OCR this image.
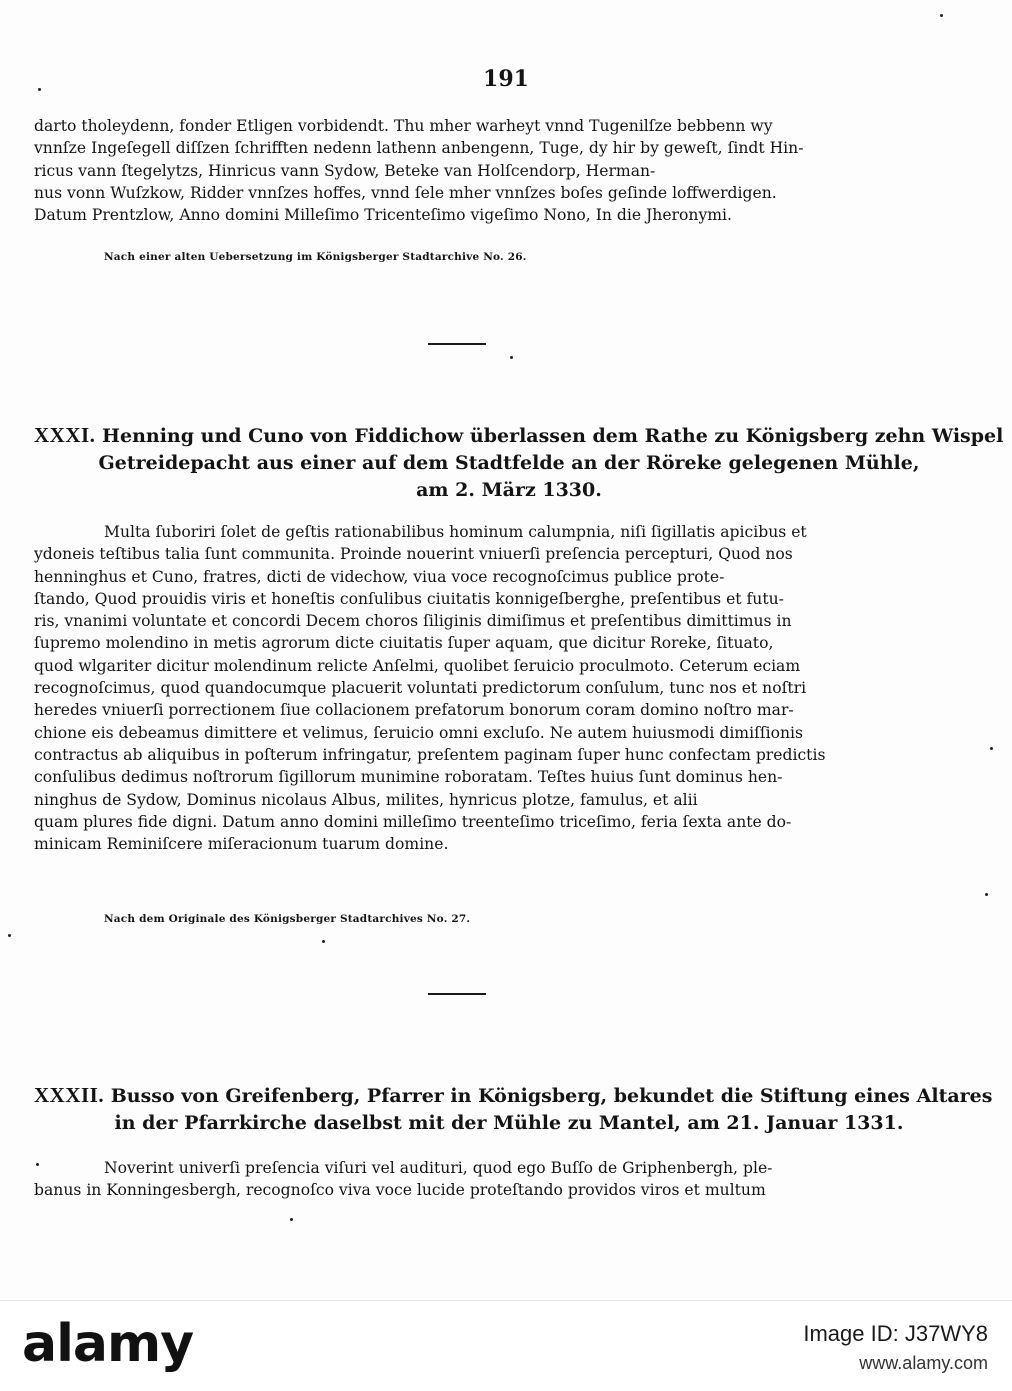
191
darto tholeydenn, fonder Etligen vorbidendt. Thu mher warheyt vnnd Tugenilſze bebbenn wy
vnnſze Ingeſegell diſſzen ſchrifften nedenn lathenn anbengenn, Tuge, dy hir by geweſt, ſindt Hin-
ricus vann ſtegelytzs, Hinricus vann Sydow, Beteke van Holſcendorp, Herman-
nus vonn Wuſzkow, Ridder vnnſzes hoffes, vnnd ſele mher vnnſzes boſes geſinde loffwerdigen.
Datum Prentzlow, Anno domini Milleſimo Tricenteſimo vigeſimo Nono, In die Jheronymi.
Nach einer alten Uebersetzung im Königsberger Stadtarchive No. 26.
XXXI. Henning und Cuno von Fiddichow überlassen dem Rathe zu Königsberg zehn Wispel
Getreidepacht aus einer auf dem Stadtfelde an der Röreke gelegenen Mühle,
am 2. März 1330.
Multa ſuboriri ſolet de geſtis rationabilibus hominum calumpnia, niſi ſigillatis apicibus et
ydoneis teſtibus talia ſunt communita. Proinde nouerint vniuerſi preſencia percepturi, Quod nos
henninghus et Cuno, fratres, dicti de videchow, viua voce recognoſcimus publice prote-
ſtando, Quod prouidis viris et honeſtis conſulibus ciuitatis konnigeſberghe, preſentibus et futu-
ris, vnanimi voluntate et concordi Decem choros ſiliginis dimiſimus et preſentibus dimittimus in
ſupremo molendino in metis agrorum dicte ciuitatis ſuper aquam, que dicitur Roreke, ſituato,
quod wlgariter dicitur molendinum relicte Anſelmi, quolibet ſeruicio proculmoto. Ceterum eciam
recognoſcimus, quod quandocumque placuerit voluntati predictorum conſulum, tunc nos et noſtri
heredes vniuerſi porrectionem ſiue collacionem prefatorum bonorum coram domino noſtro mar-
chione eis debeamus dimittere et velimus, ſeruicio omni excluſo. Ne autem huiusmodi dimiſſionis
contractus ab aliquibus in poſterum infringatur, preſentem paginam ſuper hunc confectam predictis
conſulibus dedimus noſtrorum ſigillorum munimine roboratam. Teſtes huius ſunt dominus hen-
ninghus de Sydow, Dominus nicolaus Albus, milites, hynricus plotze, famulus, et alii
quam plures fide digni. Datum anno domini milleſimo treenteſimo triceſimo, feria ſexta ante do-
minicam Reminiſcere miſeracionum tuarum domine.
Nach dem Originale des Königsberger Stadtarchives No. 27.
XXXII. Busso von Greifenberg, Pfarrer in Königsberg, bekundet die Stiftung eines Altares
in der Pfarrkirche daselbst mit der Mühle zu Mantel, am 21. Januar 1331.
Noverint univerſi preſencia viſuri vel audituri, quod ego Buſſo de Griphenbergh, ple-
banus in Konningesbergh, recognoſco viva voce lucide proteſtando providos viros et multum
alamy	Image ID: J37WY8
www.alamy.com
